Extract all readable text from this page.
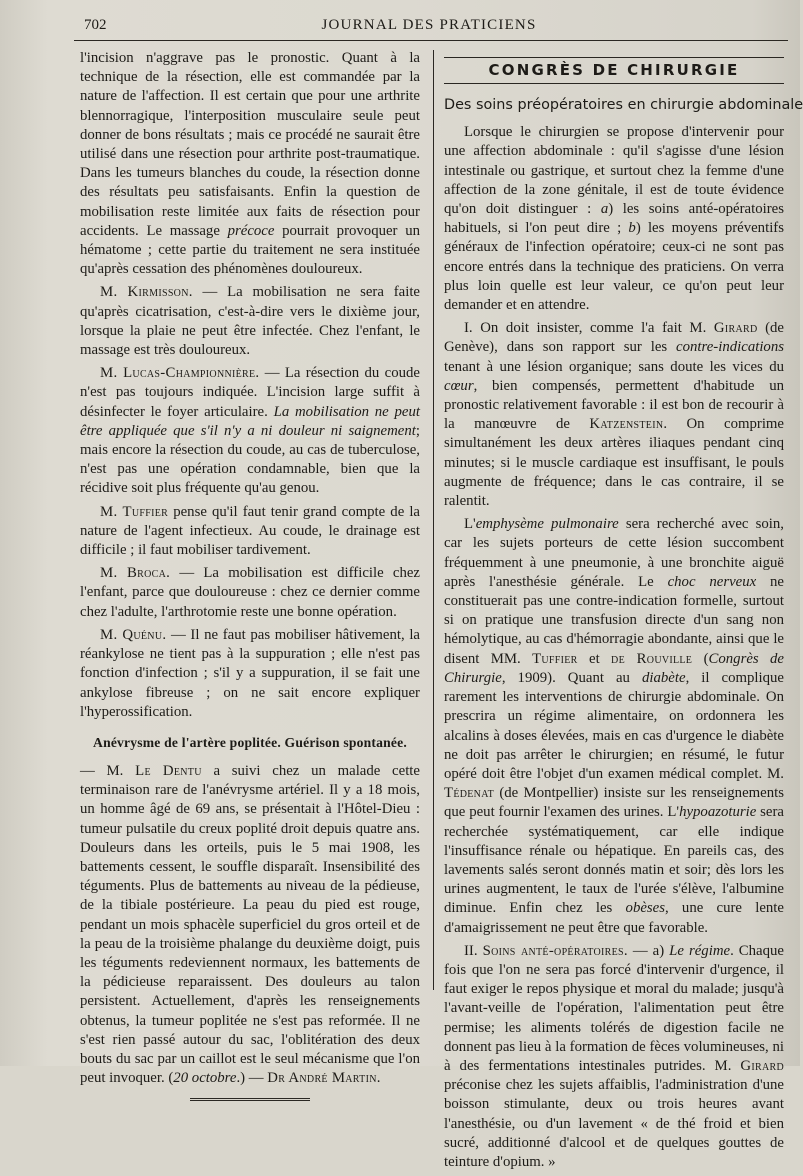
702	JOURNAL DES PRATICIENS

l'incision n'aggrave pas le pronostic. Quant à la technique de la résection, elle est commandée par la nature de l'affection. Il est certain que pour une arthrite blennorragique, l'interposition musculaire seule peut donner de bons résultats ; mais ce procédé ne saurait être utilisé dans une résection pour arthrite post-traumatique. Dans les tumeurs blanches du coude, la résection donne des résultats peu satisfaisants. Enfin la question de mobilisation reste limitée aux faits de résection pour accidents. Le massage précoce pourrait provoquer un hématome ; cette partie du traitement ne sera instituée qu'après cessation des phénomènes douloureux.

M. Kirmisson. — La mobilisation ne sera faite qu'après cicatrisation, c'est-à-dire vers le dixième jour, lorsque la plaie ne peut être infectée. Chez l'enfant, le massage est très douloureux.

M. Lucas-Championnière. — La résection du coude n'est pas toujours indiquée. L'incision large suffit à désinfecter le foyer articulaire. La mobilisation ne peut être appliquée que s'il n'y a ni douleur ni saignement; mais encore la résection du coude, au cas de tuberculose, n'est pas une opération condamnable, bien que la récidive soit plus fréquente qu'au genou.

M. Tuffier pense qu'il faut tenir grand compte de la nature de l'agent infectieux. Au coude, le drainage est difficile ; il faut mobiliser tardivement.

M. Broca. — La mobilisation est difficile chez l'enfant, parce que douloureuse : chez ce dernier comme chez l'adulte, l'arthrotomie reste une bonne opération.

M. Quénu. — Il ne faut pas mobiliser hâtivement, la réankylose ne tient pas à la suppuration ; elle n'est pas fonction d'infection ; s'il y a suppuration, il se fait une ankylose fibreuse ; on ne sait encore expliquer l'hyperossification.

Anévrysme de l'artère poplitée. Guérison spontanée.

— M. Le Dentu a suivi chez un malade cette terminaison rare de l'anévrysme artériel. Il y a 18 mois, un homme âgé de 69 ans, se présentait à l'Hôtel-Dieu : tumeur pulsatile du creux poplité droit depuis quatre ans. Douleurs dans les orteils, puis le 5 mai 1908, les battements cessent, le souffle disparaît. Insensibilité des téguments. Plus de battements au niveau de la pédieuse, de la tibiale postérieure. La peau du pied est rouge, pendant un mois sphacèle superficiel du gros orteil et de la peau de la troisième phalange du deuxième doigt, puis les téguments redeviennent normaux, les battements de la pédicieuse reparaissent. Des douleurs au talon persistent. Actuellement, d'après les renseignements obtenus, la tumeur poplitée ne s'est pas reformée. Il ne s'est rien passé autour du sac, l'oblitération des deux bouts du sac par un caillot est le seul mécanisme que l'on peut invoquer. (20 octobre.) — Dr André Martin.

CONGRÈS DE CHIRURGIE
Des soins préopératoires en chirurgie abdominale

Lorsque le chirurgien se propose d'intervenir pour une affection abdominale : qu'il s'agisse d'une lésion intestinale ou gastrique, et surtout chez la femme d'une affection de la zone génitale, il est de toute évidence qu'on doit distinguer : a) les soins anté-opératoires habituels, si l'on peut dire ; b) les moyens préventifs généraux de l'infection opératoire; ceux-ci ne sont pas encore entrés dans la technique des praticiens. On verra plus loin quelle est leur valeur, ce qu'on peut leur demander et en attendre.

I. On doit insister, comme l'a fait M. Girard (de Genève), dans son rapport sur les contre-indications tenant à une lésion organique; sans doute les vices du cœur, bien compensés, permettent d'habitude un pronostic relativement favorable : il est bon de recourir à la manœuvre de Katzenstein. On comprime simultanément les deux artères iliaques pendant cinq minutes; si le muscle cardiaque est insuffisant, le pouls augmente de fréquence; dans le cas contraire, il se ralentit.

L'emphysème pulmonaire sera recherché avec soin, car les sujets porteurs de cette lésion succombent fréquemment à une pneumonie, à une bronchite aiguë après l'anesthésie générale. Le choc nerveux ne constituerait pas une contre-indication formelle, surtout si on pratique une transfusion directe d'un sang non hémolytique, au cas d'hémorragie abondante, ainsi que le disent MM. Tuffier et de Rouville (Congrès de Chirurgie, 1909). Quant au diabète, il complique rarement les interventions de chirurgie abdominale. On prescrira un régime alimentaire, on ordonnera les alcalins à doses élevées, mais en cas d'urgence le diabète ne doit pas arrêter le chirurgien; en résumé, le futur opéré doit être l'objet d'un examen médical complet. M. Tédenat (de Montpellier) insiste sur les renseignements que peut fournir l'examen des urines. L'hypoazoturie sera recherchée systématiquement, car elle indique l'insuffisance rénale ou hépatique. En pareils cas, des lavements salés seront donnés matin et soir; dès lors les urines augmentent, le taux de l'urée s'élève, l'albumine diminue. Enfin chez les obèses, une cure lente d'amaigrissement ne peut être que favorable.

II. Soins anté-opératoires. — a) Le régime. Chaque fois que l'on ne sera pas forcé d'intervenir d'urgence, il faut exiger le repos physique et moral du malade; jusqu'à l'avant-veille de l'opération, l'alimentation peut être permise; les aliments tolérés de digestion facile ne donnent pas lieu à la formation de fèces volumineuses, ni à des fermentations intestinales putrides. M. Girard préconise chez les sujets affaiblis, l'administration d'une boisson stimulante, deux ou trois heures avant l'anesthésie, ou d'un lavement « de thé froid et bien sucré, additionné d'alcool et de quelques gouttes de teinture d'opium. »
